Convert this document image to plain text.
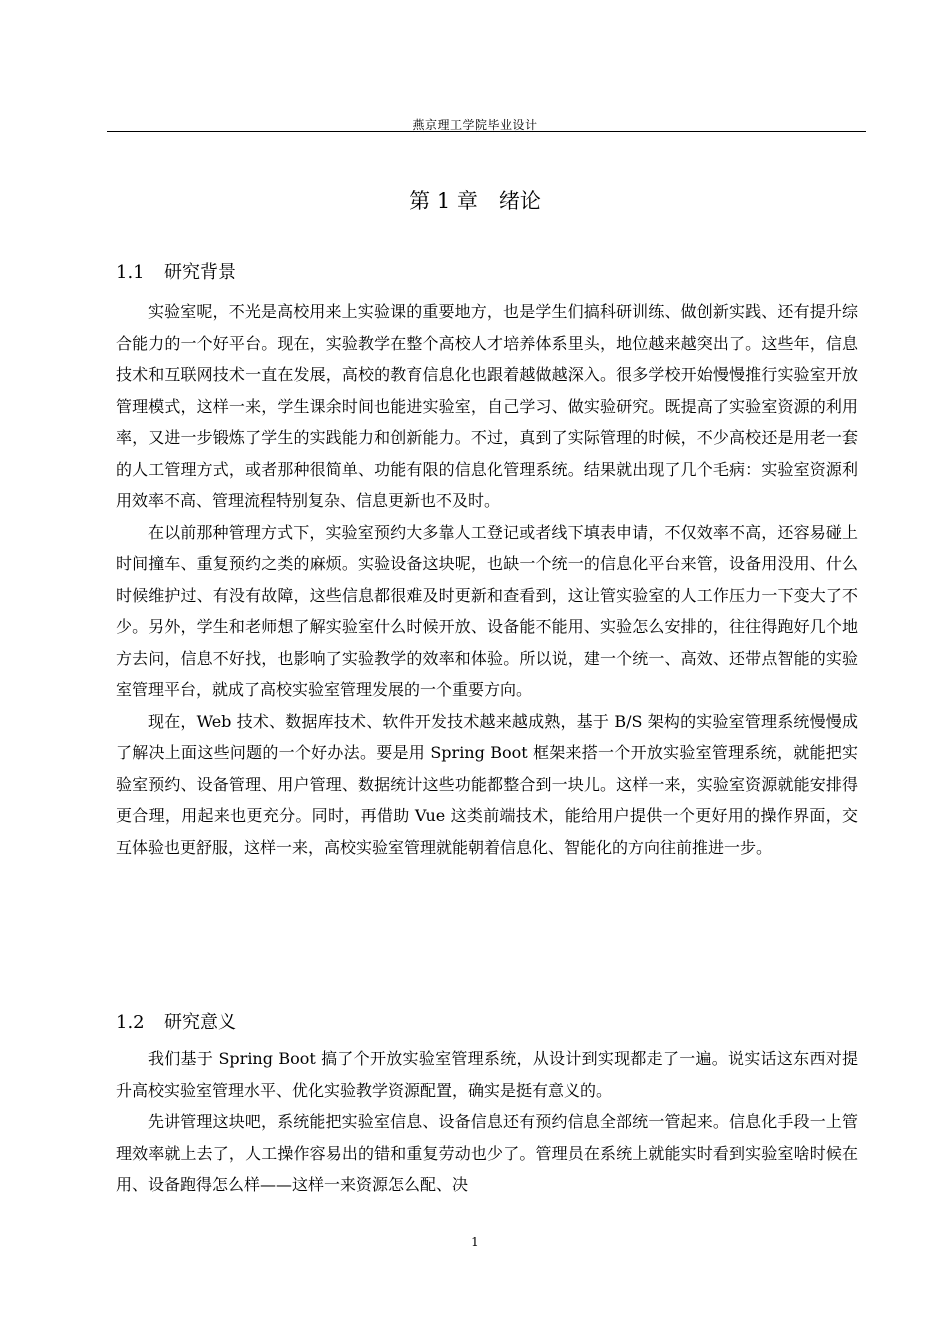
燕京理工学院毕业设计
第 1 章　绪论
1.1 研究背景

实验室呢，不光是高校用来上实验课的重要地方，也是学生们搞科研训练、做创新实践、还有提升综合能力的一个好平台。现在，实验教学在整个高校人才培养体系里头，地位越来越突出了。这些年，信息技术和互联网技术一直在发展，高校的教育信息化也跟着越做越深入。很多学校开始慢慢推行实验室开放管理模式，这样一来，学生课余时间也能进实验室，自己学习、做实验研究。既提高了实验室资源的利用率，又进一步锻炼了学生的实践能力和创新能力。不过，真到了实际管理的时候，不少高校还是用老一套的人工管理方式，或者那种很简单、功能有限的信息化管理系统。结果就出现了几个毛病：实验室资源利用效率不高、管理流程特别复杂、信息更新也不及时。

在以前那种管理方式下，实验室预约大多靠人工登记或者线下填表申请，不仅效率不高，还容易碰上时间撞车、重复预约之类的麻烦。实验设备这块呢，也缺一个统一的信息化平台来管，设备用没用、什么时候维护过、有没有故障，这些信息都很难及时更新和查看到，这让管实验室的人工作压力一下变大了不少。另外，学生和老师想了解实验室什么时候开放、设备能不能用、实验怎么安排的，往往得跑好几个地方去问，信息不好找，也影响了实验教学的效率和体验。所以说，建一个统一、高效、还带点智能的实验室管理平台，就成了高校实验室管理发展的一个重要方向。

现在，Web 技术、数据库技术、软件开发技术越来越成熟，基于 B/S 架构的实验室管理系统慢慢成了解决上面这些问题的一个好办法。要是用 Spring Boot 框架来搭一个开放实验室管理系统，就能把实验室预约、设备管理、用户管理、数据统计这些功能都整合到一块儿。这样一来，实验室资源就能安排得更合理，用起来也更充分。同时，再借助 Vue 这类前端技术，能给用户提供一个更好用的操作界面，交互体验也更舒服，这样一来，高校实验室管理就能朝着信息化、智能化的方向往前推进一步。

1.2 研究意义

我们基于 Spring Boot 搞了个开放实验室管理系统，从设计到实现都走了一遍。说实话这东西对提升高校实验室管理水平、优化实验教学资源配置，确实是挺有意义的。

先讲管理这块吧，系统能把实验室信息、设备信息还有预约信息全部统一管起来。信息化手段一上管理效率就上去了，人工操作容易出的错和重复劳动也少了。管理员在系统上就能实时看到实验室啥时候在用、设备跑得怎么样——这样一来资源怎么配、决

1
